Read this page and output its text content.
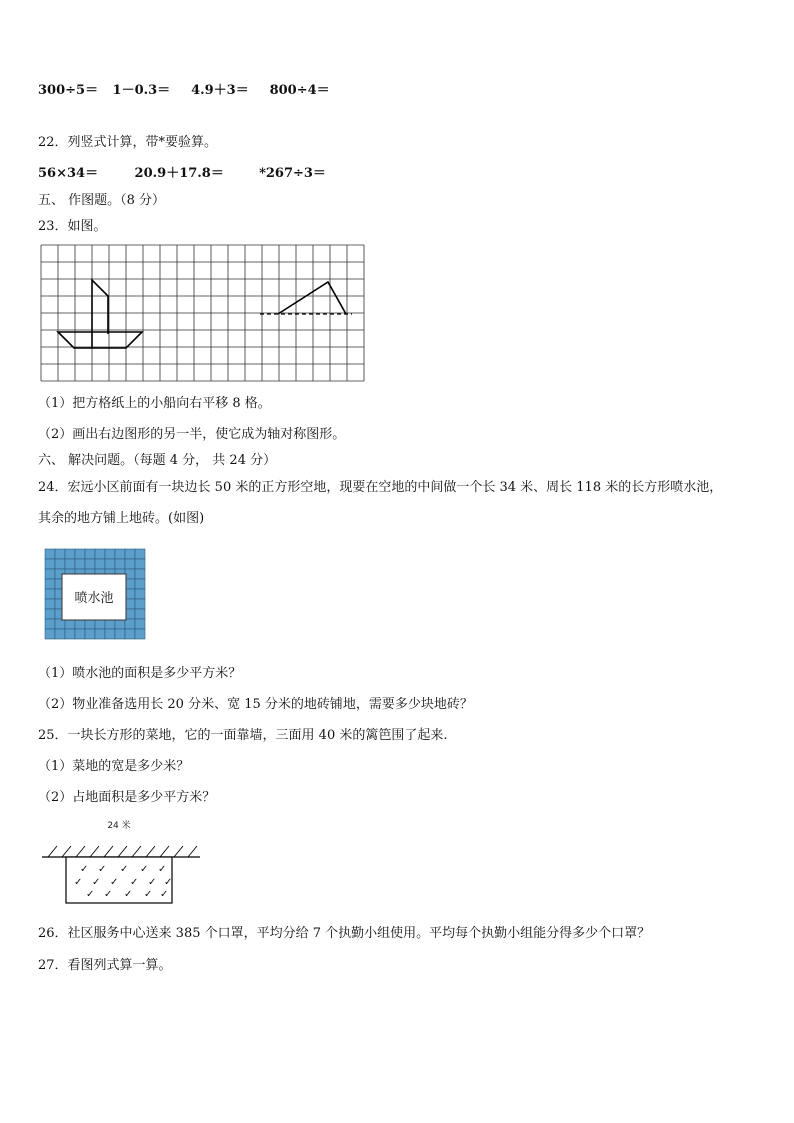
300÷5＝ 1－0.3＝ 4.9＋3＝ 800÷4＝
22．列竖式计算，带*要验算。
56×34＝	20.9＋17.8＝	*267÷3＝
五、 作图题。（8 分）
23．如图。
（1）把方格纸上的小船向右平移 8 格。
（2）画出右边图形的另一半，使它成为轴对称图形。
六、 解决问题。（每题 4 分， 共 24 分）
24．宏远小区前面有一块边长 50 米的正方形空地，现要在空地的中间做一个长 34 米、周长 118 米的长方形喷水池，
其余的地方铺上地砖。(如图)
喷水池
（1）喷水池的面积是多少平方米？
（2）物业准备选用长 20 分米、宽 15 分米的地砖铺地，需要多少块地砖？
25．一块长方形的菜地，它的一面靠墙，三面用 40 米的篱笆围了起来.
（1）菜地的宽是多少米？
（2）占地面积是多少平方米？
24 米
✓ ✓ ✓ ✓ ✓
✓ ✓ ✓ ✓ ✓ ✓
✓ ✓ ✓ ✓ ✓
26．社区服务中心送来 385 个口罩，平均分给 7 个执勤小组使用。平均每个执勤小组能分得多少个口罩？
27．看图列式算一算。
